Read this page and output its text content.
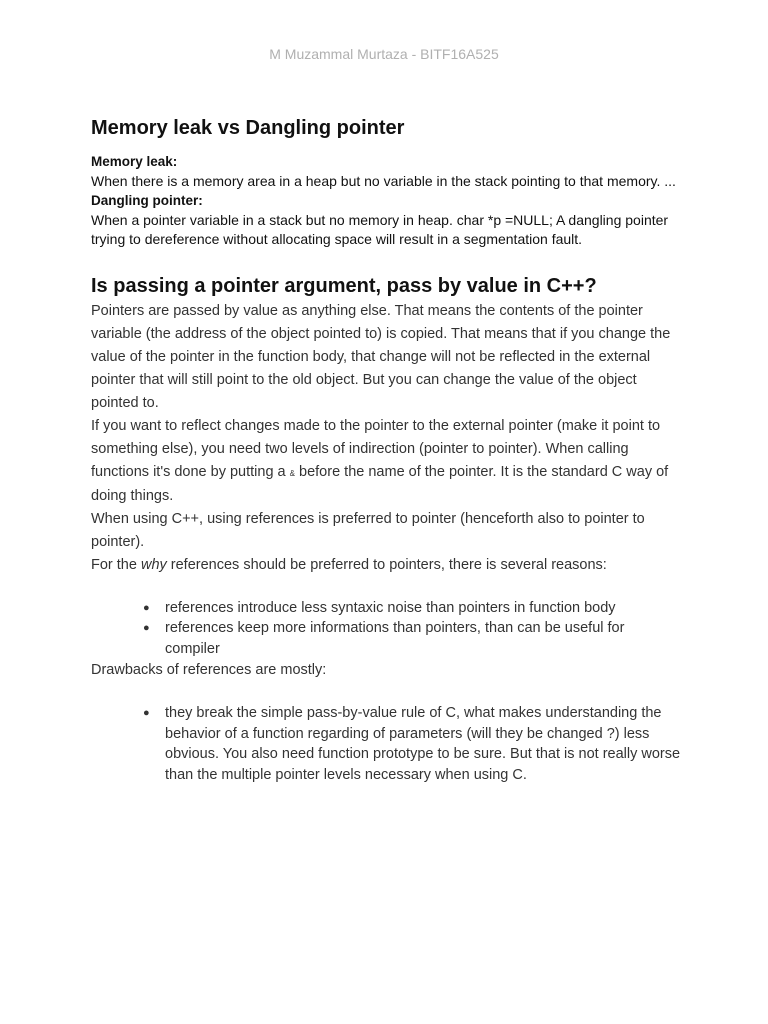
M Muzammal Murtaza - BITF16A525
Memory leak vs Dangling pointer
Memory leak:
When there is a memory area in a heap but no variable in the stack pointing to that memory. ...
Dangling pointer:
When a pointer variable in a stack but no memory in heap. char *p =NULL; A dangling pointer trying to dereference without allocating space will result in a segmentation fault.
Is passing a pointer argument, pass by value in C++?

Pointers are passed by value as anything else. That means the contents of the pointer variable (the address of the object pointed to) is copied. That means that if you change the value of the pointer in the function body, that change will not be reflected in the external pointer that will still point to the old object. But you can change the value of the object pointed to.

If you want to reflect changes made to the pointer to the external pointer (make it point to something else), you need two levels of indirection (pointer to pointer). When calling functions it's done by putting a & before the name of the pointer. It is the standard C way of doing things.

When using C++, using references is preferred to pointer (henceforth also to pointer to pointer).

For the why references should be preferred to pointers, there is several reasons:

● references introduce less syntaxic noise than pointers in function body
● references keep more informations than pointers, than can be useful for compiler

Drawbacks of references are mostly:

● they break the simple pass-by-value rule of C, what makes understanding the behavior of a function regarding of parameters (will they be changed ?) less obvious. You also need function prototype to be sure. But that is not really worse than the multiple pointer levels necessary when using C.
